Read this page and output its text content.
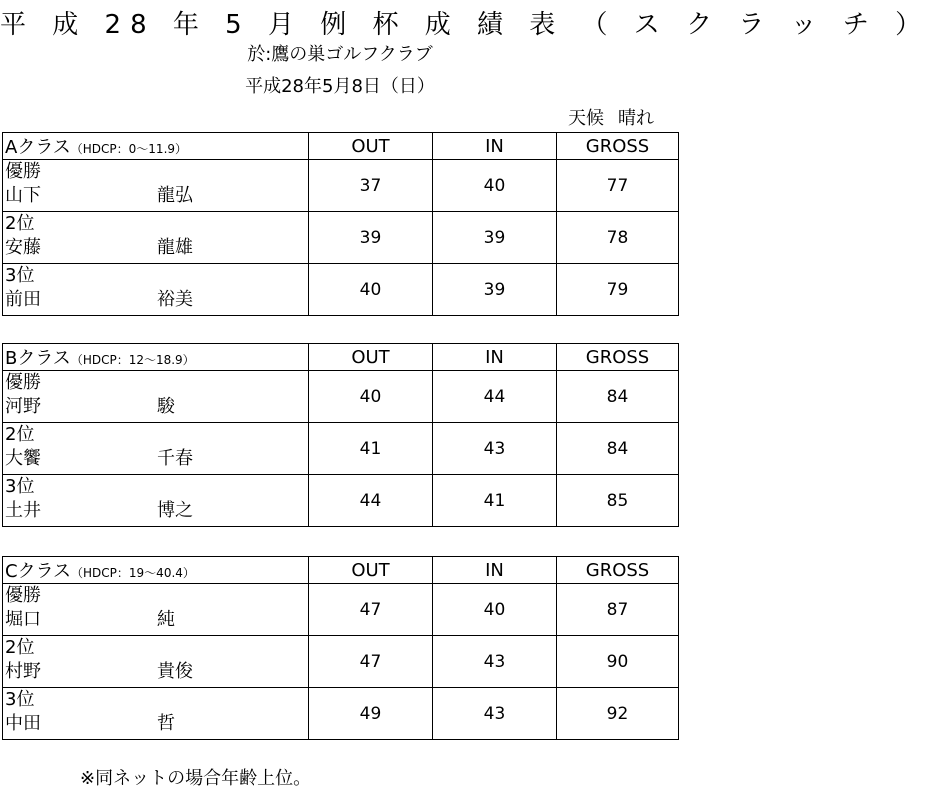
平 成 28 年 5 月 例 杯 成 績 表 （ ス ク ラ ッ チ ）
於:鷹の巣ゴルフクラブ
平成28年5月8日（日）
天候 晴れ
Aクラス（HDCP：0〜11.9）	OUT	IN	GROSS

優勝
山下 龍弘	37	40	77

2位
安藤 龍雄	39	39	78

3位
前田 裕美	40	39	79
Bクラス（HDCP：12〜18.9）	OUT	IN	GROSS

優勝
河野 駿	40	44	84

2位
大饗 千春	41	43	84

3位
土井 博之	44	41	85
Cクラス（HDCP：19〜40.4）	OUT	IN	GROSS

優勝
堀口 純	47	40	87

2位
村野 貴俊	47	43	90

3位
中田 哲	49	43	92
※同ネットの場合年齢上位。
